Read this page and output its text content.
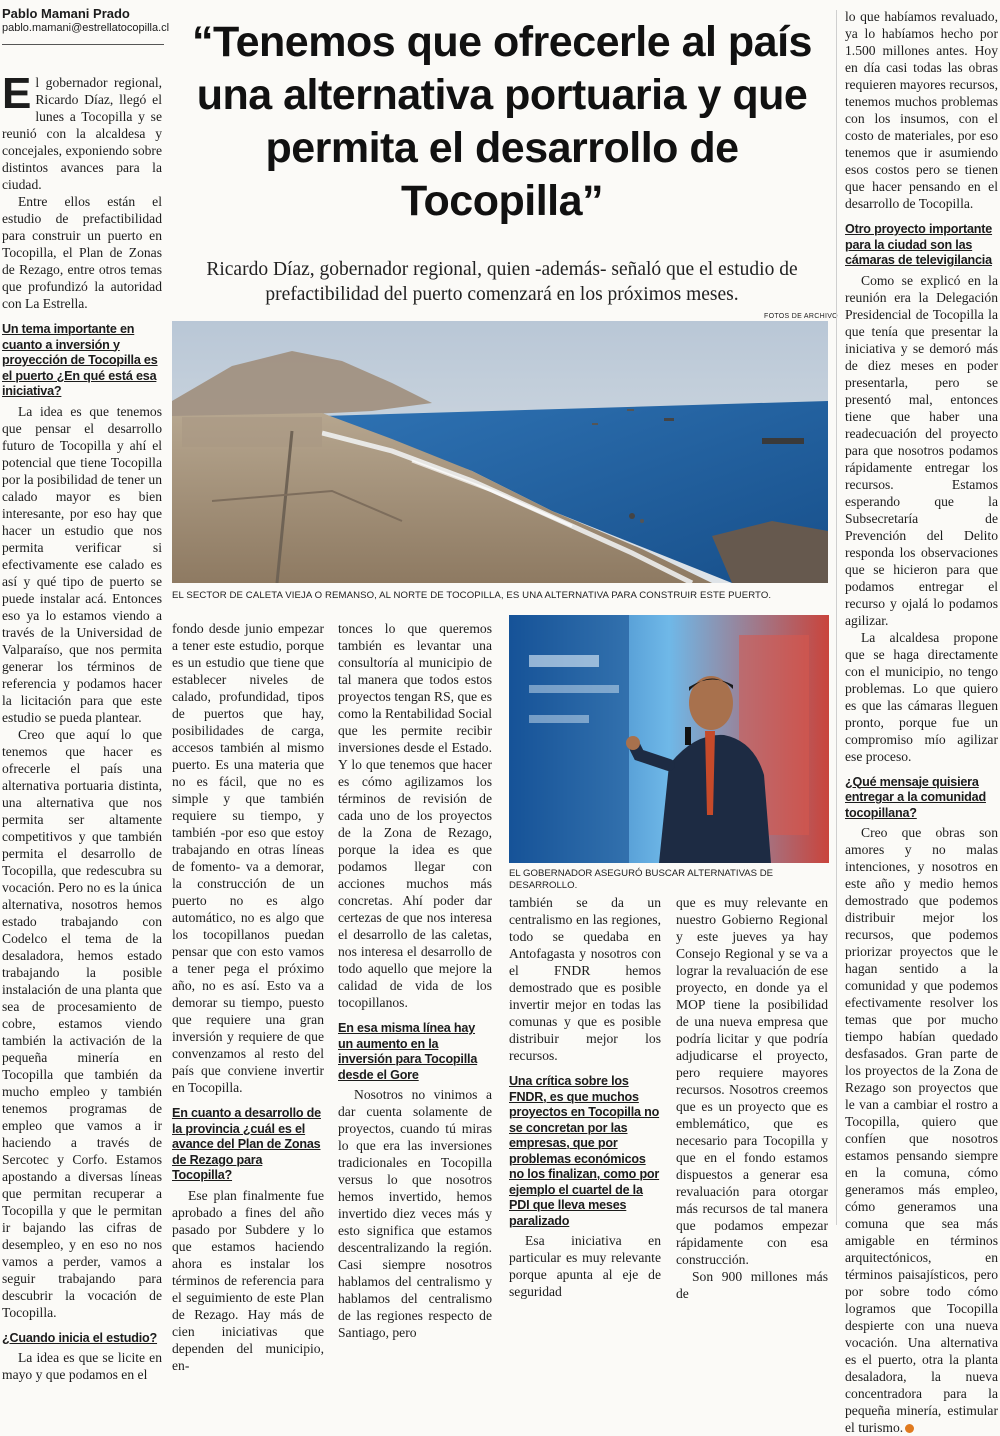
Pablo Mamani Prado
pablo.mamani@estrellatocopilla.cl

El gobernador regional, Ricardo Díaz, llegó el lunes a Tocopilla y se reunió con la alcaldesa y concejales, exponiendo sobre distintos avances para la ciudad.

Entre ellos están el estudio de prefactibilidad para construir un puerto en Tocopilla, el Plan de Zonas de Rezago, entre otros temas que profundizó la autoridad con La Estrella.

Un tema importante en cuanto a inversión y proyección de Tocopilla es el puerto ¿En qué está esa iniciativa?

La idea es que tenemos que pensar el desarrollo futuro de Tocopilla y ahí el potencial que tiene Tocopilla por la posibilidad de tener un calado mayor es bien interesante, por eso hay que hacer un estudio que nos permita verificar si efectivamente ese calado es así y qué tipo de puerto se puede instalar acá. Entonces eso ya lo estamos viendo a través de la Universidad de Valparaíso, que nos permita generar los términos de referencia y podamos hacer la licitación para que este estudio se pueda plantear.

Creo que aquí lo que tenemos que hacer es ofrecerle el país una alternativa portuaria distinta, una alternativa que nos permita ser altamente competitivos y que también permita el desarrollo de Tocopilla, que redescubra su vocación. Pero no es la única alternativa, nosotros hemos estado trabajando con Codelco el tema de la desaladora, hemos estado trabajando la posible instalación de una planta que sea de procesamiento de cobre, estamos viendo también la activación de la pequeña minería en Tocopilla que también da mucho empleo y también tenemos programas de empleo que vamos a ir haciendo a través de Sercotec y Corfo. Estamos apostando a diversas líneas que permitan recuperar a Tocopilla y que le permitan ir bajando las cifras de desempleo, y en eso no nos vamos a perder, vamos a seguir trabajando para descubrir la vocación de Tocopilla.

¿Cuando inicia el estudio?

La idea es que se licite en mayo y que podamos en el

“Tenemos que ofrecerle al país una alternativa portuaria y que permita el desarrollo de Tocopilla”
Ricardo Díaz, gobernador regional, quien -además- señaló que el estudio de prefactibilidad del puerto comenzará en los próximos meses.
FOTOS DE ARCHIVO
EL SECTOR DE CALETA VIEJA O REMANSO, AL NORTE DE TOCOPILLA, ES UNA ALTERNATIVA PARA CONSTRUIR ESTE PUERTO.

fondo desde junio empezar a tener este estudio, porque es un estudio que tiene que establecer niveles de calado, profundidad, tipos de puertos que hay, posibilidades de carga, accesos también al mismo puerto. Es una materia que no es fácil, que no es simple y que también requiere su tiempo, y también -por eso que estoy trabajando en otras líneas de fomento- va a demorar, la construcción de un puerto no es algo automático, no es algo que los tocopillanos puedan pensar que con esto vamos a tener pega el próximo año, no es así. Esto va a demorar su tiempo, puesto que requiere una gran inversión y requiere de que convenzamos al resto del país que conviene invertir en Tocopilla.

En cuanto a desarrollo de la provincia ¿cuál es el avance del Plan de Zonas de Rezago para Tocopilla?

Ese plan finalmente fue aprobado a fines del año pasado por Subdere y lo que estamos haciendo ahora es instalar los términos de referencia para el seguimiento de este Plan de Rezago. Hay más de cien iniciativas que dependen del municipio, en-

tonces lo que queremos también es levantar una consultoría al municipio de tal manera que todos estos proyectos tengan RS, que es como la Rentabilidad Social que les permite recibir inversiones desde el Estado. Y lo que tenemos que hacer es cómo agilizamos los términos de revisión de cada uno de los proyectos de la Zona de Rezago, porque la idea es que podamos llegar con acciones muchos más concretas. Ahí poder dar certezas de que nos interesa el desarrollo de las caletas, nos interesa el desarrollo de todo aquello que mejore la calidad de vida de los tocopillanos.

En esa misma línea hay un aumento en la inversión para Tocopilla desde el Gore

Nosotros no vinimos a dar cuenta solamente de proyectos, cuando tú miras lo que era las inversiones tradicionales en Tocopilla versus lo que nosotros hemos invertido, hemos invertido diez veces más y esto significa que estamos descentralizando la región. Casi siempre nosotros hablamos del centralismo y hablamos del centralismo de las regiones respecto de Santiago, pero

EL GOBERNADOR ASEGURÓ BUSCAR ALTERNATIVAS DE DESARROLLO.

también se da un centralismo en las regiones, todo se quedaba en Antofagasta y nosotros con el FNDR hemos demostrado que es posible invertir mejor en todas las comunas y que es posible distribuir mejor los recursos.

Una crítica sobre los FNDR, es que muchos proyectos en Tocopilla no se concretan por las empresas, que por problemas económicos no los finalizan, como por ejemplo el cuartel de la PDI que lleva meses paralizado

Esa iniciativa en particular es muy relevante porque apunta al eje de seguridad

que es muy relevante en nuestro Gobierno Regional y este jueves ya hay Consejo Regional y se va a lograr la revaluación de ese proyecto, en donde ya el MOP tiene la posibilidad de una nueva empresa que podría licitar y que podría adjudicarse el proyecto, pero requiere mayores recursos. Nosotros creemos que es un proyecto que es emblemático, que es necesario para Tocopilla y que en el fondo estamos dispuestos a generar esa revaluación para otorgar más recursos de tal manera que podamos empezar rápidamente con esa construcción.

Son 900 millones más de

lo que habíamos revaluado, ya lo habíamos hecho por 1.500 millones antes. Hoy en día casi todas las obras requieren mayores recursos, tenemos muchos problemas con los insumos, con el costo de materiales, por eso tenemos que ir asumiendo esos costos pero se tienen que hacer pensando en el desarrollo de Tocopilla.

Otro proyecto importante para la ciudad son las cámaras de televigilancia

Como se explicó en la reunión era la Delegación Presidencial de Tocopilla la que tenía que presentar la iniciativa y se demoró más de diez meses en poder presentarla, pero se presentó mal, entonces tiene que haber una readecuación del proyecto para que nosotros podamos rápidamente entregar los recursos. Estamos esperando que la Subsecretaría de Prevención del Delito responda los observaciones que se hicieron para que podamos entregar el recurso y ojalá lo podamos agilizar.

La alcaldesa propone que se haga directamente con el municipio, no tengo problemas. Lo que quiero es que las cámaras lleguen pronto, porque fue un compromiso mío agilizar ese proceso.

¿Qué mensaje quisiera entregar a la comunidad tocopillana?

Creo que obras son amores y no malas intenciones, y nosotros en este año y medio hemos demostrado que podemos distribuir mejor los recursos, que podemos priorizar proyectos que le hagan sentido a la comunidad y que podemos efectivamente resolver los temas que por mucho tiempo habían quedado desfasados. Gran parte de los proyectos de la Zona de Rezago son proyectos que le van a cambiar el rostro a Tocopilla, quiero que confíen que nosotros estamos pensando siempre en la comuna, cómo generamos más empleo, cómo generamos una comuna que sea más amigable en términos arquitectónicos, en términos paisajísticos, pero por sobre todo cómo logramos que Tocopilla despierte con una nueva vocación. Una alternativa es el puerto, otra la planta desaladora, la nueva concentradora para la pequeña minería, estimular el turismo.
